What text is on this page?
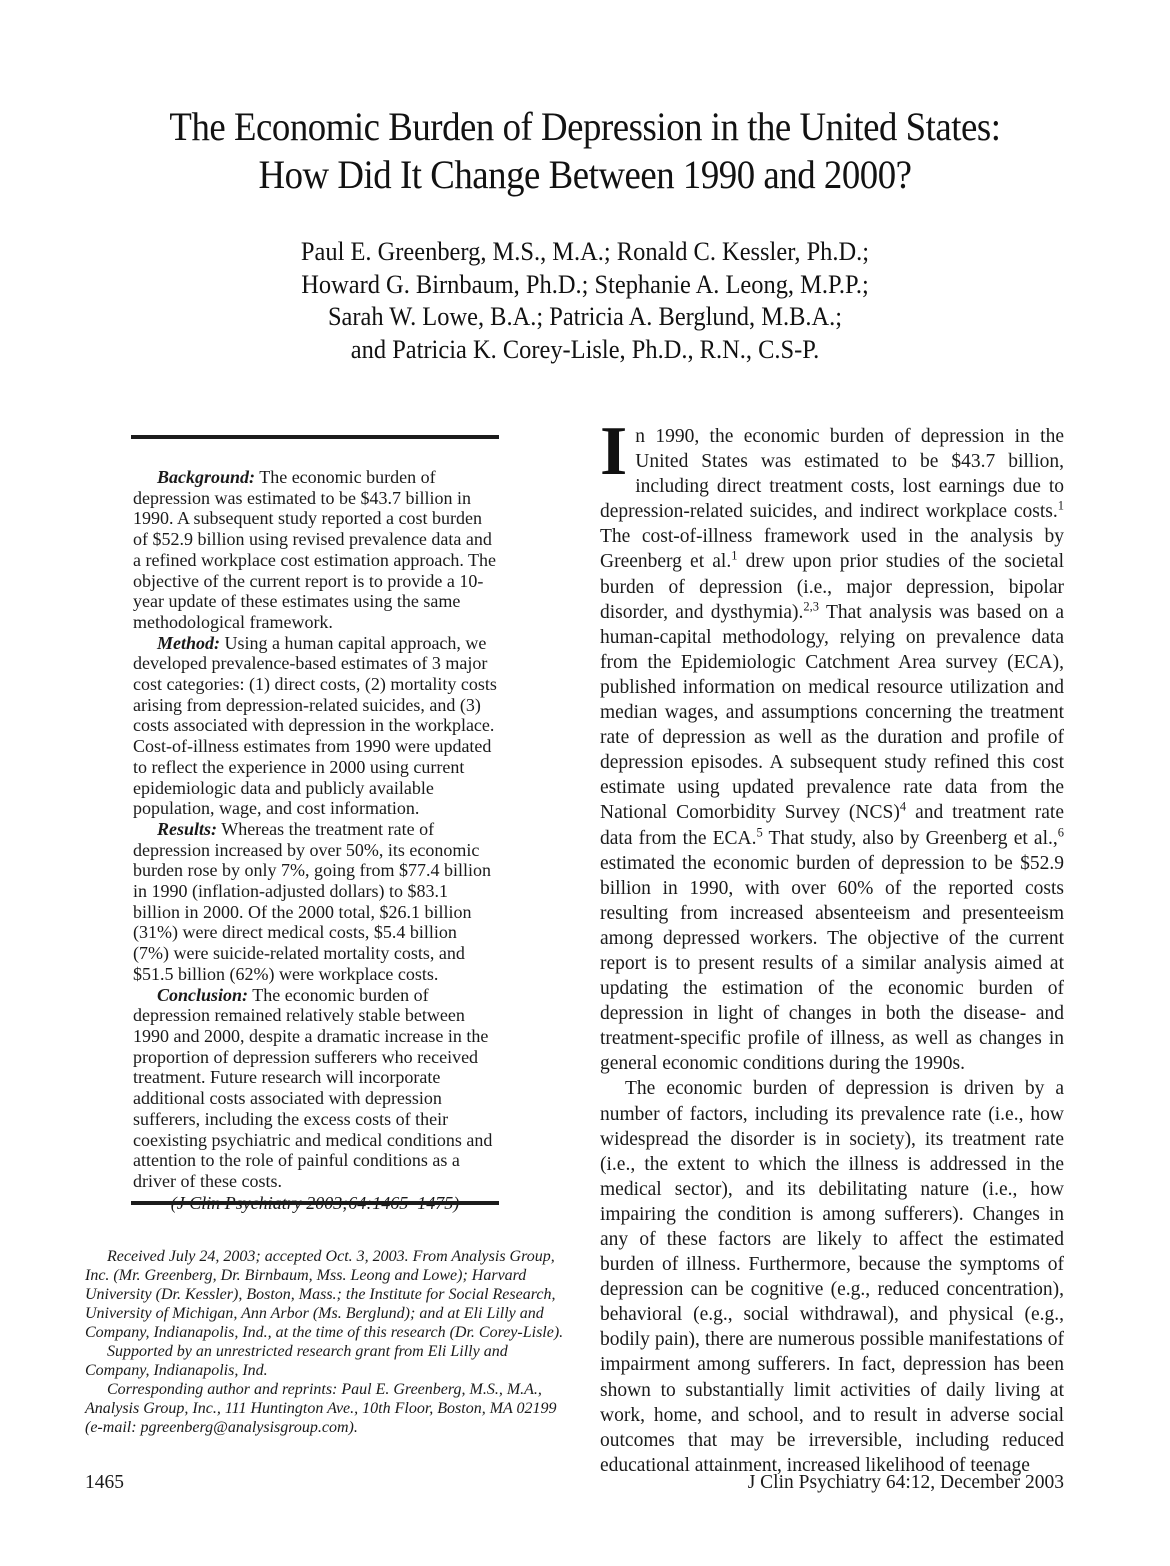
The Economic Burden of Depression in the United States:
How Did It Change Between 1990 and 2000?
Paul E. Greenberg, M.S., M.A.; Ronald C. Kessler, Ph.D.;
Howard G. Birnbaum, Ph.D.; Stephanie A. Leong, M.P.P.;
Sarah W. Lowe, B.A.; Patricia A. Berglund, M.B.A.;
and Patricia K. Corey-Lisle, Ph.D., R.N., C.S-P.

Background: The economic burden of depression was estimated to be $43.7 billion in 1990. A subsequent study reported a cost burden of $52.9 billion using revised prevalence data and a refined workplace cost estimation approach. The objective of the current report is to provide a 10-year update of these estimates using the same methodological framework.

Method: Using a human capital approach, we developed prevalence-based estimates of 3 major cost categories: (1) direct costs, (2) mortality costs arising from depression-related suicides, and (3) costs associated with depression in the workplace. Cost-of-illness estimates from 1990 were updated to reflect the experience in 2000 using current epidemiologic data and publicly available population, wage, and cost information.

Results: Whereas the treatment rate of depression increased by over 50%, its economic burden rose by only 7%, going from $77.4 billion in 1990 (inflation-adjusted dollars) to $83.1 billion in 2000. Of the 2000 total, $26.1 billion (31%) were direct medical costs, $5.4 billion (7%) were suicide-related mortality costs, and $51.5 billion (62%) were workplace costs.

Conclusion: The economic burden of depression remained relatively stable between 1990 and 2000, despite a dramatic increase in the proportion of depression sufferers who received treatment. Future research will incorporate additional costs associated with depression sufferers, including the excess costs of their coexisting psychiatric and medical conditions and attention to the role of painful conditions as a driver of these costs.

Received July 24, 2003; accepted Oct. 3, 2003. From Analysis Group, Inc. (Mr. Greenberg, Dr. Birnbaum, Mss. Leong and Lowe); Harvard University (Dr. Kessler), Boston, Mass.; the Institute for Social Research, University of Michigan, Ann Arbor (Ms. Berglund); and at Eli Lilly and Company, Indianapolis, Ind., at the time of this research (Dr. Corey-Lisle).

Supported by an unrestricted research grant from Eli Lilly and Company, Indianapolis, Ind.

Corresponding author and reprints: Paul E. Greenberg, M.S., M.A., Analysis Group, Inc., 111 Huntington Ave., 10th Floor, Boston, MA 02199 (e-mail: pgreenberg@analysisgroup.com).

In 1990, the economic burden of depression in the United States was estimated to be $43.7 billion, including direct treatment costs, lost earnings due to depression-related suicides, and indirect workplace costs.$^1$ The cost-of-illness framework used in the analysis by Greenberg et al.$^1$ drew upon prior studies of the societal burden of depression (i.e., major depression, bipolar disorder, and dysthymia).$^{2,3}$ That analysis was based on a human-capital methodology, relying on prevalence data from the Epidemiologic Catchment Area survey (ECA), published information on medical resource utilization and median wages, and assumptions concerning the treatment rate of depression as well as the duration and profile of depression episodes. A subsequent study refined this cost estimate using updated prevalence rate data from the National Comorbidity Survey (NCS)$^4$ and treatment rate data from the ECA.$^5$ That study, also by Greenberg et al.,$^6$ estimated the economic burden of depression to be $52.9 billion in 1990, with over 60% of the reported costs resulting from increased absenteeism and presenteeism among depressed workers. The objective of the current report is to present results of a similar analysis aimed at updating the estimation of the economic burden of depression in light of changes in both the disease- and treatment-specific profile of illness, as well as changes in general economic conditions during the 1990s.

The economic burden of depression is driven by a number of factors, including its prevalence rate (i.e., how widespread the disorder is in society), its treatment rate (i.e., the extent to which the illness is addressed in the medical sector), and its debilitating nature (i.e., how impairing the condition is among sufferers). Changes in any of these factors are likely to affect the estimated burden of illness. Furthermore, because the symptoms of depression can be cognitive (e.g., reduced concentration), behavioral (e.g., social withdrawal), and physical (e.g., bodily pain), there are numerous possible manifestations of impairment among sufferers. In fact, depression has been shown to substantially limit activities of daily living at work, home, and school, and to result in adverse social outcomes that may be irreversible, including reduced educational attainment, increased likelihood of teenage

1465	J Clin Psychiatry 64:12, December 2003
